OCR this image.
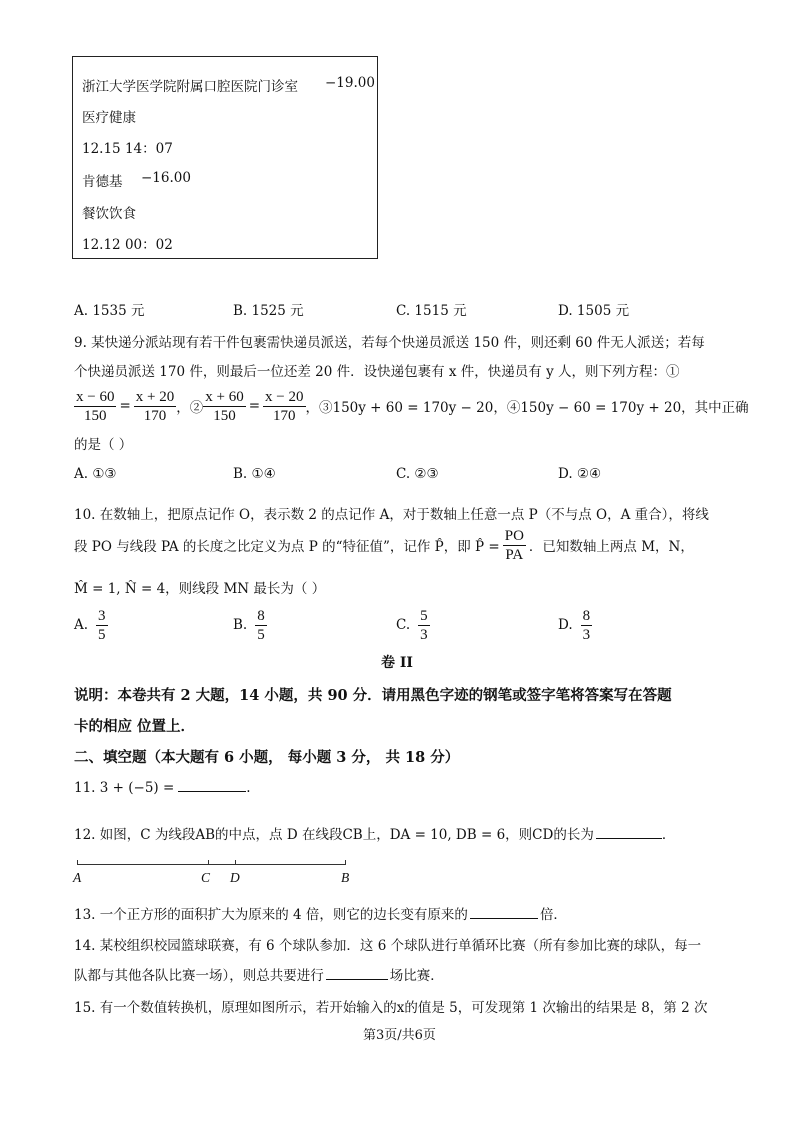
浙江大学医学院附属口腔医院门诊室 −19.00
医疗健康
12.15 14：07
肯德基 −16.00
餐饮饮食
12.12 00：02
A. 1535 元	B. 1525 元	C. 1515 元	D. 1505 元
9. 某快递分派站现有若干件包裹需快递员派送，若每个快递员派送 150 件，则还剩 60 件无人派送；若每
个快递员派送 170 件，则最后一位还差 20 件．设快递包裹有 x 件，快递员有 y 人，则下列方程：①
$\frac{x - 60}{150} = \frac{x + 20}{170}$ ，② $\frac{x + 60}{150} = \frac{x - 20}{170}$ ，③150y + 60 = 170y − 20，④150y − 60 = 170y + 20，其中正确
的是（ ）
A. ①③	B. ①④	C. ②③	D. ②④
10. 在数轴上，把原点记作 O，表示数 2 的点记作 A，对于数轴上任意一点 P（不与点 O，A 重合），将线
段 PO 与线段 PA 的长度之比定义为点 P 的“特征值”，记作 P̂，即 P̂ = $\frac{PO}{PA}$ ．已知数轴上两点 M，N，
M̂ = 1, N̂ = 4，则线段 MN 最长为（ ）
A. $\frac{3}{5}$	B. $\frac{8}{5}$	C. $\frac{5}{3}$	D. $\frac{8}{3}$
卷 II
说明：本卷共有 2 大题，14 小题，共 90 分．请用黑色字迹的钢笔或签字笔将答案写在答题
卡的相应 位置上．
二、填空题（本大题有 6 小题， 每小题 3 分， 共 18 分）
11. 3 + (−5) =	.
12. 如图，C 为线段AB的中点，点 D 在线段CB上，DA = 10, DB = 6，则CD的长为	．
A	C D	B
13. 一个正方形的面积扩大为原来的 4 倍，则它的边长变有原来的	倍．
14. 某校组织校园篮球联赛，有 6 个球队参加．这 6 个球队进行单循环比赛（所有参加比赛的球队，每一
队都与其他各队比赛一场），则总共要进行	场比赛．
15. 有一个数值转换机，原理如图所示，若开始输入的x的值是 5，可发现第 1 次输出的结果是 8，第 2 次
第3页/共6页
